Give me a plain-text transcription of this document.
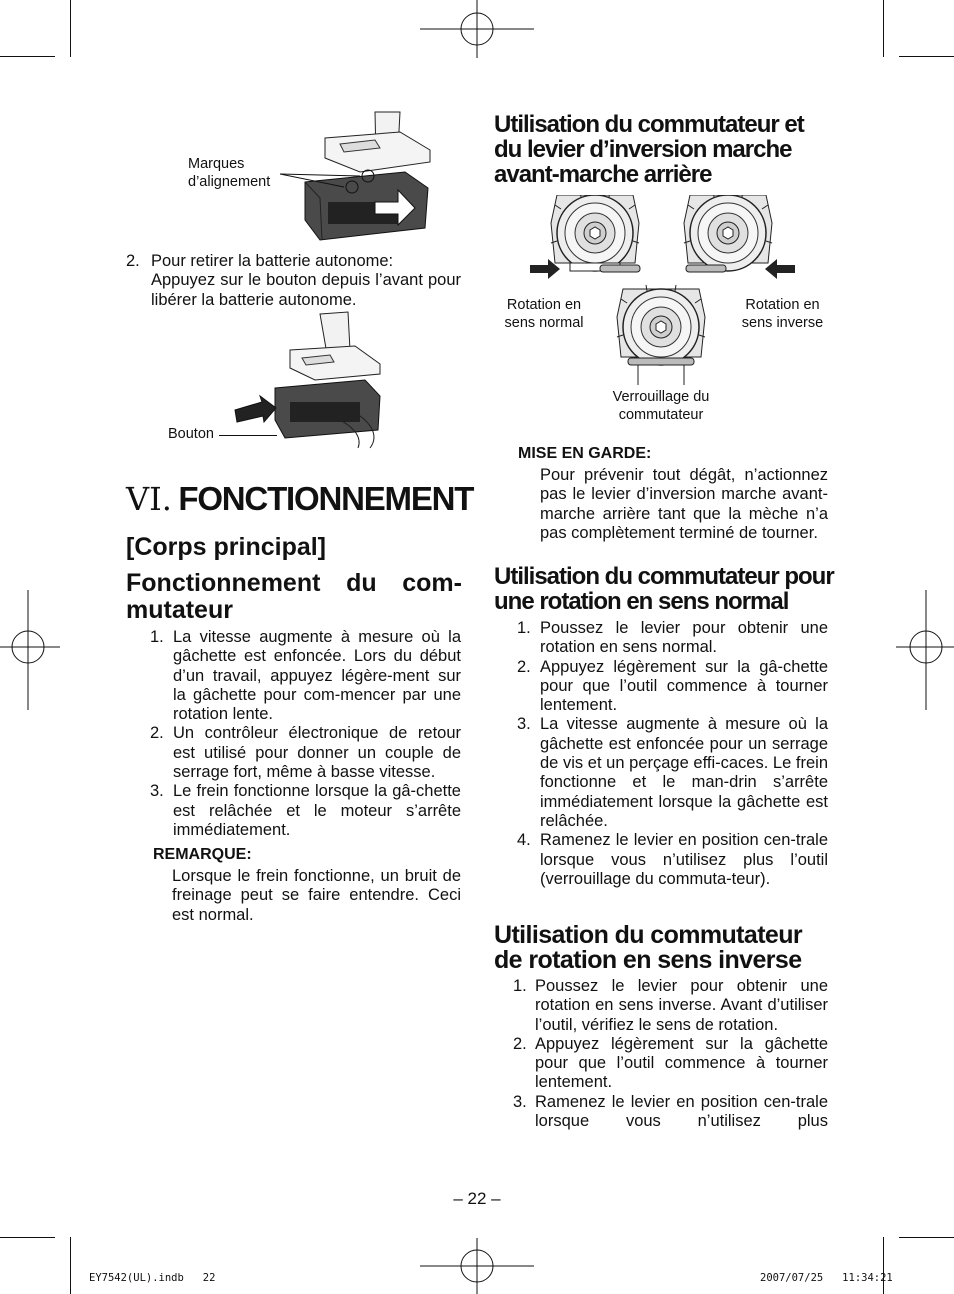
Marques
d’alignement
2. Pour retirer la batterie autonome:
Appuyez sur le bouton depuis l’avant pour libérer la batterie autonome.
Bouton
VI. FONCTIONNEMENT
[Corps principal]
Fonctionnement du com-mutateur
1. La vitesse augmente à mesure où la gâchette est enfoncée. Lors du début d’un travail, appuyez légère-ment sur la gâchette pour com-mencer par une rotation lente.
2. Un contrôleur électronique de retour est utilisé pour donner un couple de serrage fort, même à basse vitesse.
3. Le frein fonctionne lorsque la gâ-chette est relâchée et le moteur s’arrête immédiatement.
REMARQUE:
Lorsque le frein fonctionne, un bruit de freinage peut se faire entendre. Ceci est normal.
Utilisation du commutateur et du levier d’inversion marche avant-marche arrière
Rotation en
sens normal
Rotation en
sens inverse
Verrouillage du
commutateur
MISE EN GARDE:
Pour prévenir tout dégât, n’actionnez pas le levier d’inversion marche avant-marche arrière tant que la mèche n’a pas complètement terminé de tourner.
Utilisation du commutateur pour une rotation en sens normal
1. Poussez le levier pour obtenir une rotation en sens normal.
2. Appuyez légèrement sur la gâ-chette pour que l’outil commence à tourner lentement.
3. La vitesse augmente à mesure où la gâchette est enfoncée pour un serrage de vis et un perçage effi-caces. Le frein fonctionne et le man-drin s’arrête immédiatement lorsque la gâchette est relâchée.
4. Ramenez le levier en position cen-trale lorsque vous n’utilisez plus l’outil (verrouillage du commuta-teur).
Utilisation du commutateur de rotation en sens inverse
1. Poussez le levier pour obtenir une rotation en sens inverse. Avant d’utiliser l’outil, vérifiez le sens de rotation.
2. Appuyez légèrement sur la gâchette pour que l’outil commence à tourner lentement.
3. Ramenez le levier en position cen-trale lorsque vous n’utilisez plus
– 22 –
EY7542(UL).indb   22	2007/07/25   11:34:21
